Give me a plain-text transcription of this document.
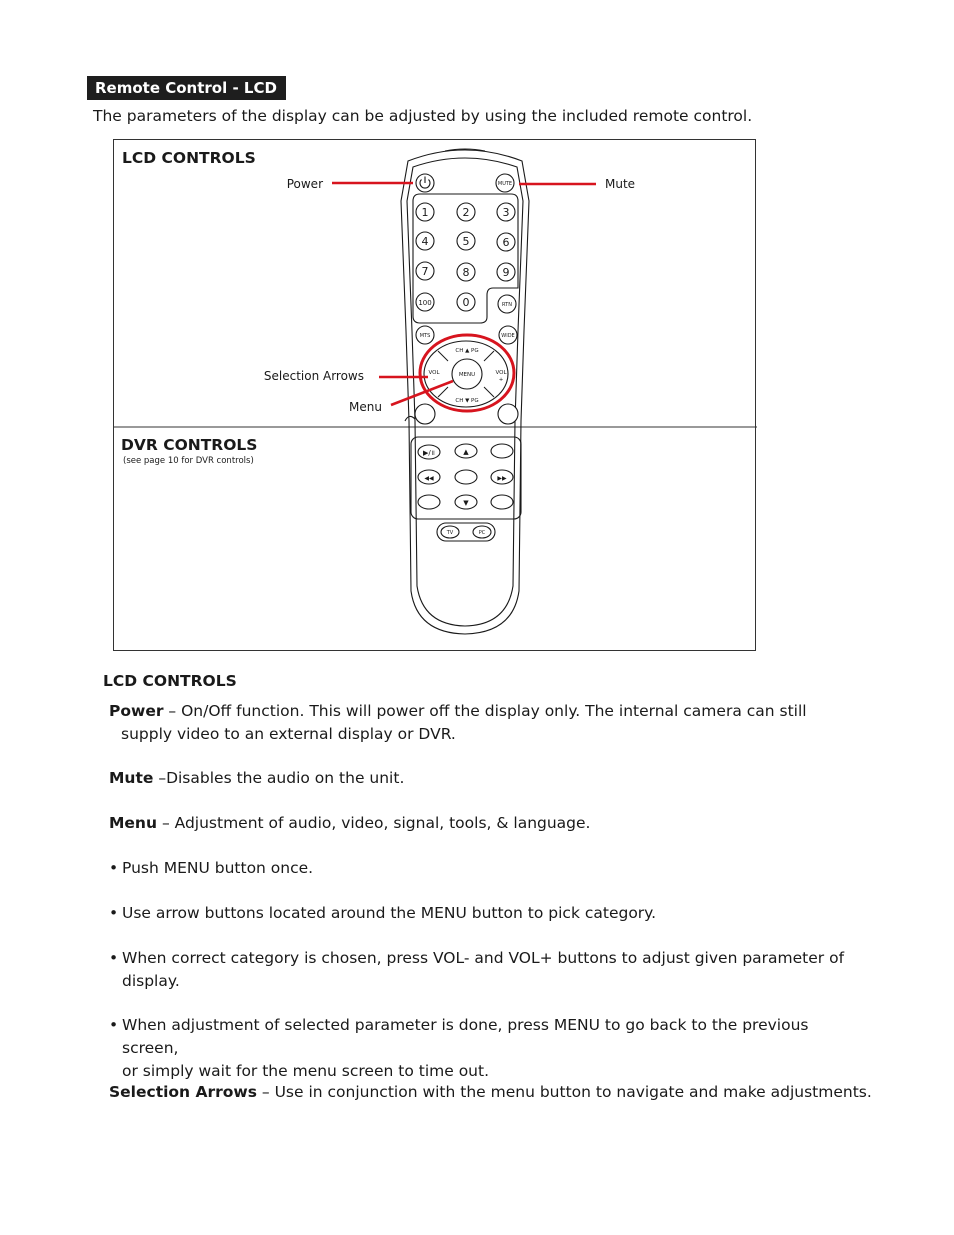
Remote Control - LCD
The parameters of the display can be adjusted by using the included remote control.
LCD CONTROLS
DVR CONTROLS
(see page 10 for DVR controls)
MUTE
1	2	3
4	5	6
7	8	9
100	0	RTN
MTS	WIDE
CH ▲ PG
CH ▼ PG
VOL
-
VOL
+
MENU
▶/॥	▲
◀◀	▶▶
▼
TV	PC
Power	Mute
Selection Arrows
Menu
LCD CONTROLS
Power – On/Off function. This will power off the display only. The internal camera can still
supply video to an external display or DVR.
Mute –Disables the audio on the unit.
Menu – Adjustment of audio, video, signal, tools, & language.
• Push MENU button once.
• Use arrow buttons located around the MENU button to pick category.
• When correct category is chosen, press VOL- and VOL+ buttons to adjust given parameter of
display.
• When adjustment of selected parameter is done, press MENU to go back to the previous screen,
or simply wait for the menu screen to time out.
Selection Arrows – Use in conjunction with the menu button to navigate and make adjustments.
